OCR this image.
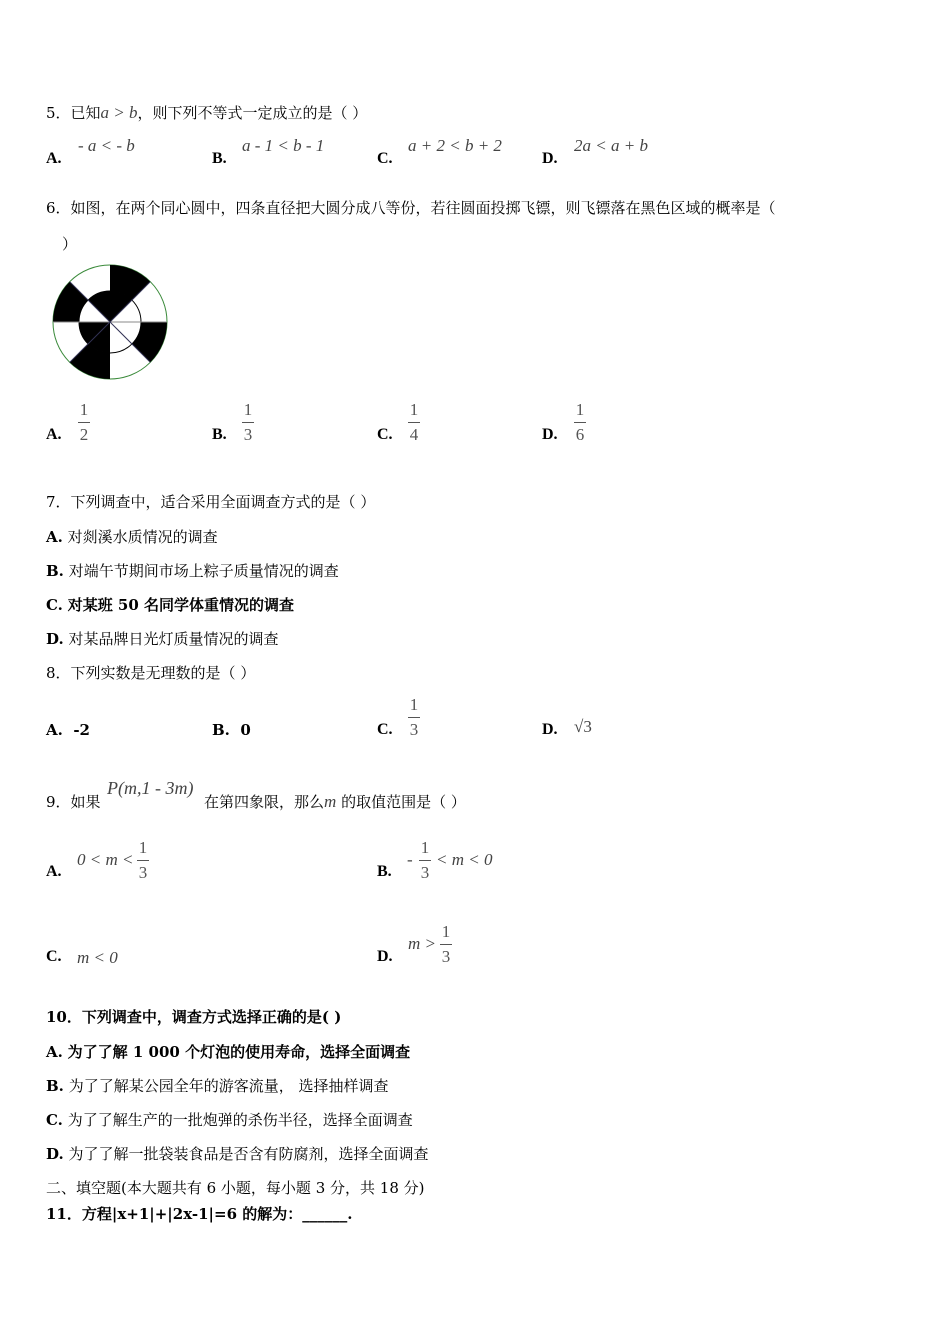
5．已知a > b，则下列不等式一定成立的是（ ）
A.
- a < - b
B.
a - 1 < b - 1
C.
a + 2 < b + 2
D.
2a < a + b
6．如图，在两个同心圆中，四条直径把大圆分成八等份，若往圆面投掷飞镖，则飞镖落在黑色区域的概率是（
）
A.
1
2	B.
1
3	C.
1
4	D.
1
6
7．下列调查中，适合采用全面调查方式的是（ ）
A. 对剡溪水质情况的调查
B. 对端午节期间市场上粽子质量情况的调查
C. 对某班 50 名同学体重情况的调查
D. 对某品牌日光灯质量情况的调查
8．下列实数是无理数的是（ ）
A. -2	B. 0	C.
1
3	D. √3
9．如果
P(m,1 - 3m)
在第四象限，那么m 的取值范围是（ ）
A.
0 < m <
1
3	B.
-
1
3
< m < 0
C. m < 0	D.
m >
1
3
10．下列调查中，调查方式选择正确的是( )
A. 为了了解 1 000 个灯泡的使用寿命，选择全面调查
B. 为了了解某公园全年的游客流量， 选择抽样调查
C. 为了了解生产的一批炮弹的杀伤半径，选择全面调查
D. 为了了解一批袋装食品是否含有防腐剂，选择全面调查
二、填空题(本大题共有 6 小题，每小题 3 分，共 18 分)
11．方程|x+1|+|2x-1|=6 的解为：______.
